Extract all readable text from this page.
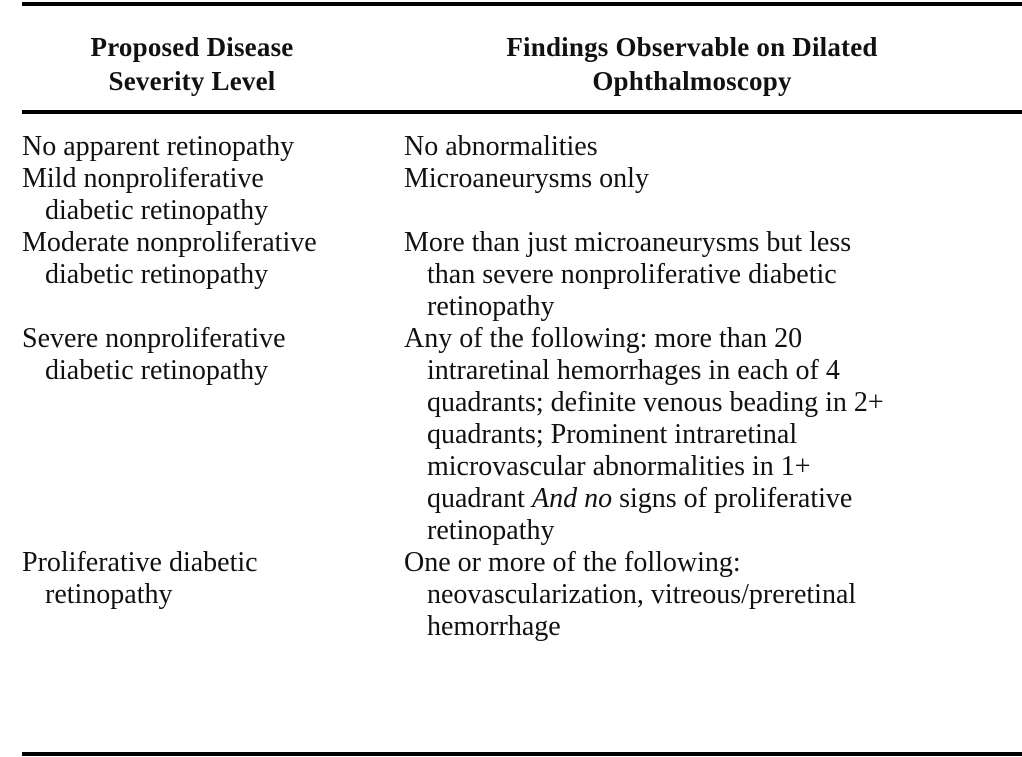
Proposed Disease
Severity Level
Findings Observable on Dilated
Ophthalmoscopy
No apparent retinopathy	No abnormalities
Mild nonproliferative
diabetic retinopathy
Microaneurysms only
Moderate nonproliferative
diabetic retinopathy
More than just microaneurysms but less
than severe nonproliferative diabetic
retinopathy
Severe nonproliferative
diabetic retinopathy
Any of the following: more than 20
intraretinal hemorrhages in each of 4
quadrants; definite venous beading in 2+
quadrants; Prominent intraretinal
microvascular abnormalities in 1+
quadrant And no signs of proliferative
retinopathy
Proliferative diabetic
retinopathy
One or more of the following:
neovascularization, vitreous/preretinal
hemorrhage
